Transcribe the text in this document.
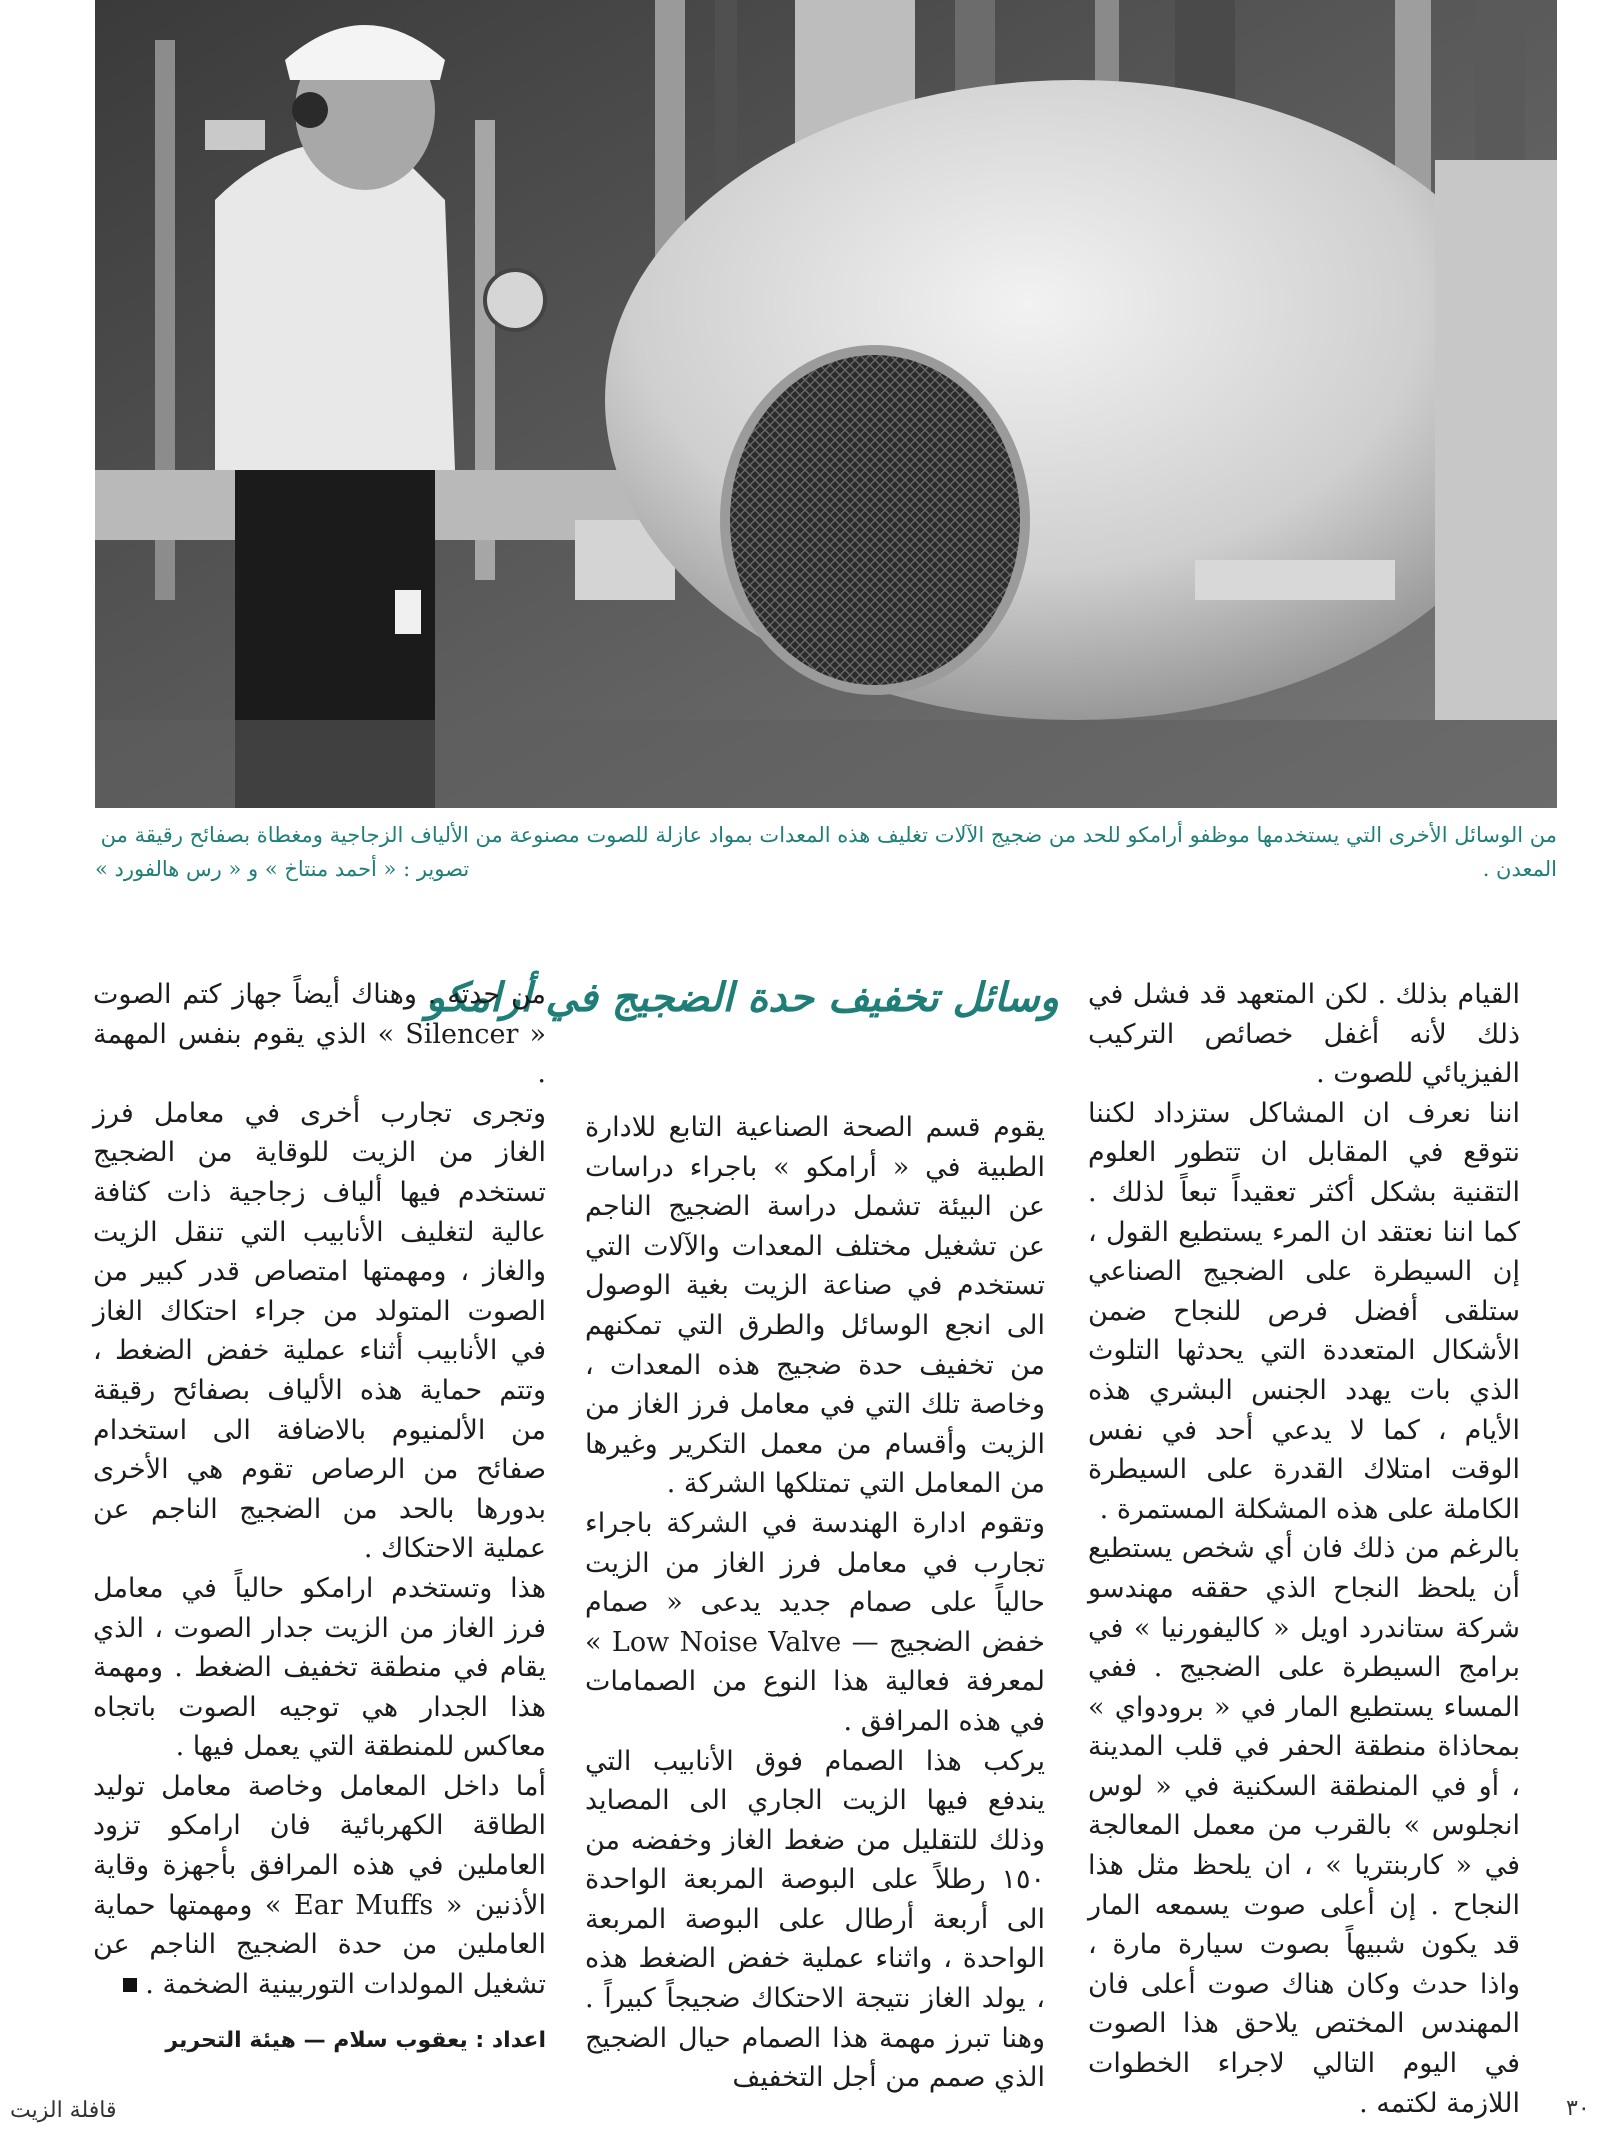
من الوسائل الأخرى التي يستخدمها موظفو أرامكو للحد من ضجيج الآلات تغليف هذه المعدات بمواد عازلة للصوت مصنوعة من الألياف الزجاجية ومغطاة بصفائح رقيقة من المعدن .
تصوير : « أحمد منتاخ » و « رس هالفورد »
وسائل تخفيف حدة الضجيج في أرامكو القيام بذلك . لكن المتعهد قد فشل في ذلك لأنه أغفل خصائص التركيب الفيزيائي للصوت .

اننا نعرف ان المشاكل ستزداد لكننا نتوقع في المقابل ان تتطور العلوم التقنية بشكل أكثر تعقيداً تبعاً لذلك . كما اننا نعتقد ان المرء يستطيع القول ، إن السيطرة على الضجيج الصناعي ستلقى أفضل فرص للنجاح ضمن الأشكال المتعددة التي يحدثها التلوث الذي بات يهدد الجنس البشري هذه الأيام ، كما لا يدعي أحد في نفس الوقت امتلاك القدرة على السيطرة الكاملة على هذه المشكلة المستمرة .

بالرغم من ذلك فان أي شخص يستطيع أن يلحظ النجاح الذي حققه مهندسو شركة ستاندرد اويل « كاليفورنيا » في برامج السيطرة على الضجيج . ففي المساء يستطيع المار في « برودواي » بمحاذاة منطقة الحفر في قلب المدينة ، أو في المنطقة السكنية في « لوس انجلوس » بالقرب من معمل المعالجة في « كاربنتريا » ، ان يلحظ مثل هذا النجاح . إن أعلى صوت يسمعه المار قد يكون شبيهاً بصوت سيارة مارة ، واذا حدث وكان هناك صوت أعلى فان المهندس المختص يلاحق هذا الصوت في اليوم التالي لاجراء الخطوات اللازمة لكتمه .

يقوم قسم الصحة الصناعية التابع للادارة الطبية في « أرامكو » باجراء دراسات عن البيئة تشمل دراسة الضجيج الناجم عن تشغيل مختلف المعدات والآلات التي تستخدم في صناعة الزيت بغية الوصول الى انجع الوسائل والطرق التي تمكنهم من تخفيف حدة ضجيج هذه المعدات ، وخاصة تلك التي في معامل فرز الغاز من الزيت وأقسام من معمل التكرير وغيرها من المعامل التي تمتلكها الشركة .

وتقوم ادارة الهندسة في الشركة باجراء تجارب في معامل فرز الغاز من الزيت حالياً على صمام جديد يدعى « صمام خفض الضجيج — Low Noise Valve » لمعرفة فعالية هذا النوع من الصمامات في هذه المرافق .

يركب هذا الصمام فوق الأنابيب التي يندفع فيها الزيت الجاري الى المصايد وذلك للتقليل من ضغط الغاز وخفضه من ١٥٠ رطلاً على البوصة المربعة الواحدة الى أربعة أرطال على البوصة المربعة الواحدة ، واثناء عملية خفض الضغط هذه ، يولد الغاز نتيجة الاحتكاك ضجيجاً كبيراً . وهنا تبرز مهمة هذا الصمام حيال الضجيج الذي صمم من أجل التخفيف

من حدته . وهناك أيضاً جهاز كتم الصوت « Silencer » الذي يقوم بنفس المهمة .

وتجرى تجارب أخرى في معامل فرز الغاز من الزيت للوقاية من الضجيج تستخدم فيها ألياف زجاجية ذات كثافة عالية لتغليف الأنابيب التي تنقل الزيت والغاز ، ومهمتها امتصاص قدر كبير من الصوت المتولد من جراء احتكاك الغاز في الأنابيب أثناء عملية خفض الضغط ، وتتم حماية هذه الألياف بصفائح رقيقة من الألمنيوم بالاضافة الى استخدام صفائح من الرصاص تقوم هي الأخرى بدورها بالحد من الضجيج الناجم عن عملية الاحتكاك .

هذا وتستخدم ارامكو حالياً في معامل فرز الغاز من الزيت جدار الصوت ، الذي يقام في منطقة تخفيف الضغط . ومهمة هذا الجدار هي توجيه الصوت باتجاه معاكس للمنطقة التي يعمل فيها .

أما داخل المعامل وخاصة معامل توليد الطاقة الكهربائية فان ارامكو تزود العاملين في هذه المرافق بأجهزة وقاية الأذنين « Ear Muffs » ومهمتها حماية العاملين من حدة الضجيج الناجم عن تشغيل المولدات التوربينية الضخمة .

اعداد : يعقوب سلام — هيئة التحرير
قافلة الزيت	٣٠
